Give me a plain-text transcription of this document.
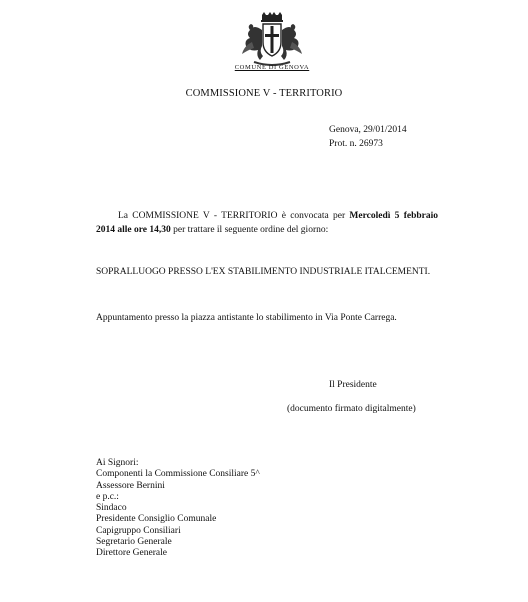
COMUNE DI GENOVA
COMMISSIONE V - TERRITORIO
Genova, 29/01/2014
Prot. n. 26973
La COMMISSIONE V - TERRITORIO è convocata per Mercoledì 5 febbraio 2014 alle ore 14,30 per trattare il seguente ordine del giorno:
SOPRALLUOGO PRESSO L'EX STABILIMENTO INDUSTRIALE ITALCEMENTI.
Appuntamento presso la piazza antistante lo stabilimento in Via Ponte Carrega.
Il Presidente
(documento firmato digitalmente)
Ai Signori:
Componenti la Commissione Consiliare 5^
Assessore Bernini
e p.c.:
Sindaco
Presidente Consiglio Comunale
Capigruppo Consiliari
Segretario Generale
Direttore Generale
